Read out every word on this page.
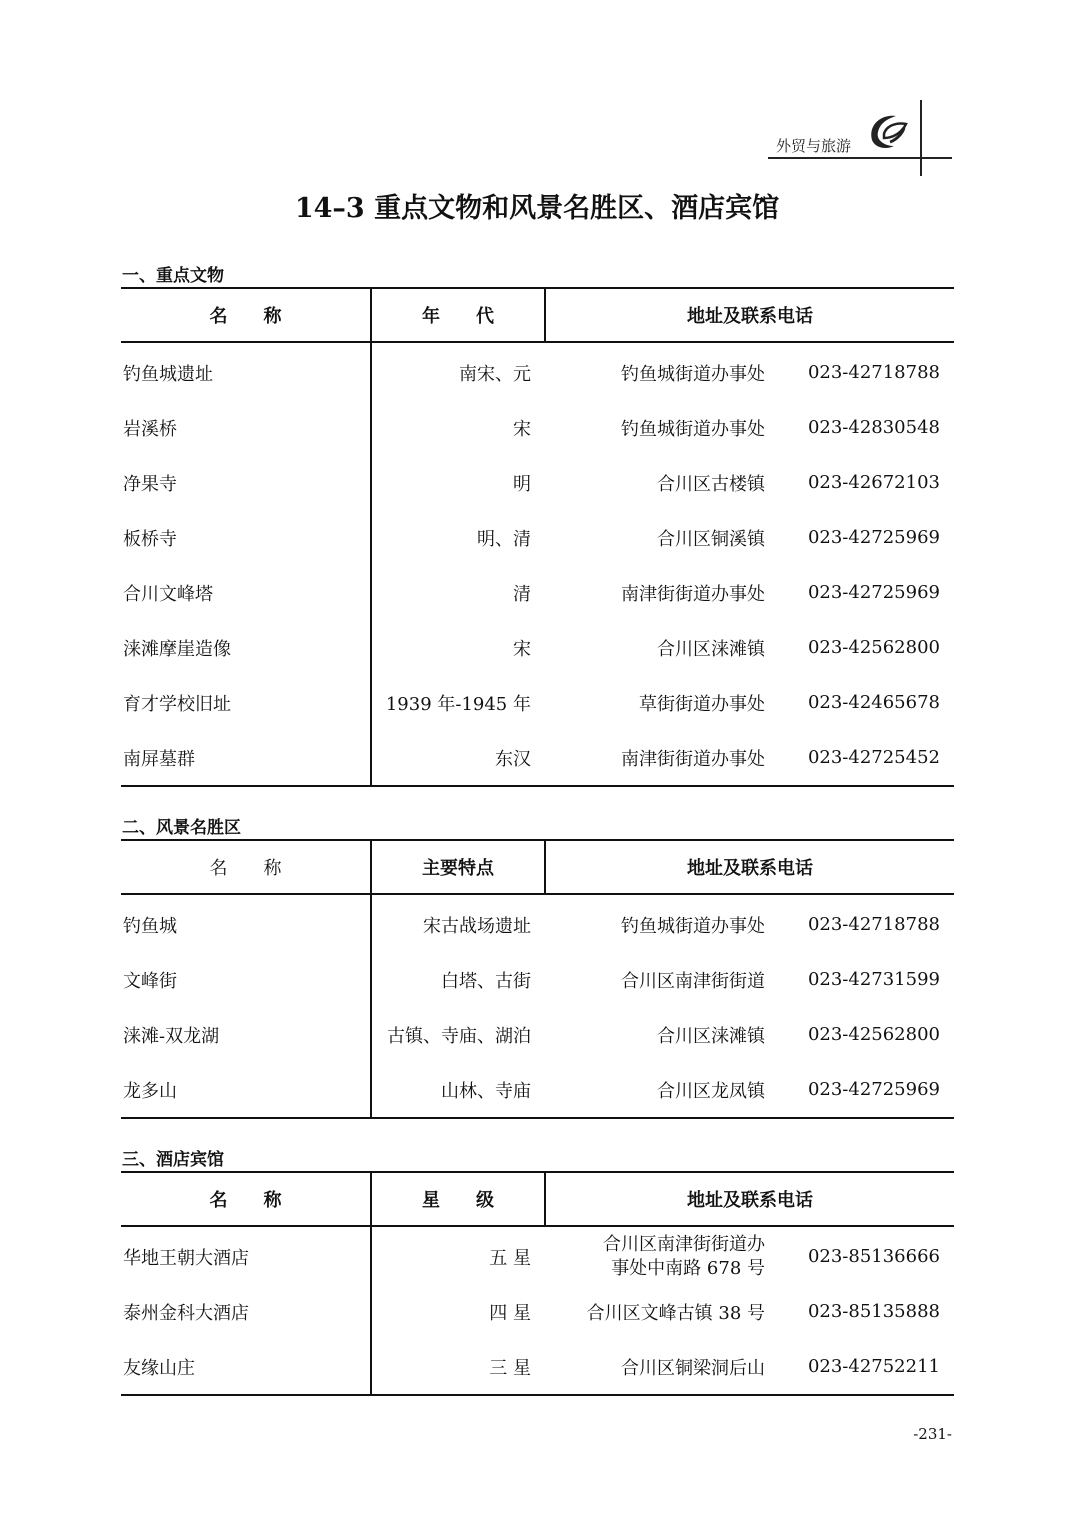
外贸与旅游
14–3 重点文物和风景名胜区、酒店宾馆
一、重点文物
名　　称	年　　代	地址及联系电话	
钓鱼城遗址	南宋、元	钓鱼城街道办事处	023-42718788
岩溪桥	宋	钓鱼城街道办事处	023-42830548
净果寺	明	合川区古楼镇	023-42672103
板桥寺	明、清	合川区铜溪镇	023-42725969
合川文峰塔	清	南津街街道办事处	023-42725969
涞滩摩崖造像	宋	合川区涞滩镇	023-42562800
育才学校旧址	1939 年-1945 年	草街街道办事处	023-42465678
南屏墓群	东汉	南津街街道办事处	023-42725452
二、风景名胜区
名　　称	主要特点	地址及联系电话	
钓鱼城	宋古战场遗址	钓鱼城街道办事处	023-42718788
文峰街	白塔、古街	合川区南津街街道	023-42731599
涞滩-双龙湖	古镇、寺庙、湖泊	合川区涞滩镇	023-42562800
龙多山	山林、寺庙	合川区龙凤镇	023-42725969
三、酒店宾馆
名　　称	星　　级	地址及联系电话	
华地王朝大酒店	五 星	合川区南津街街道办
事处中南路 678 号	023-85136666
泰州金科大酒店	四 星	合川区文峰古镇 38 号	023-85135888
友缘山庄	三 星	合川区铜梁洞后山	023-42752211
-231-
